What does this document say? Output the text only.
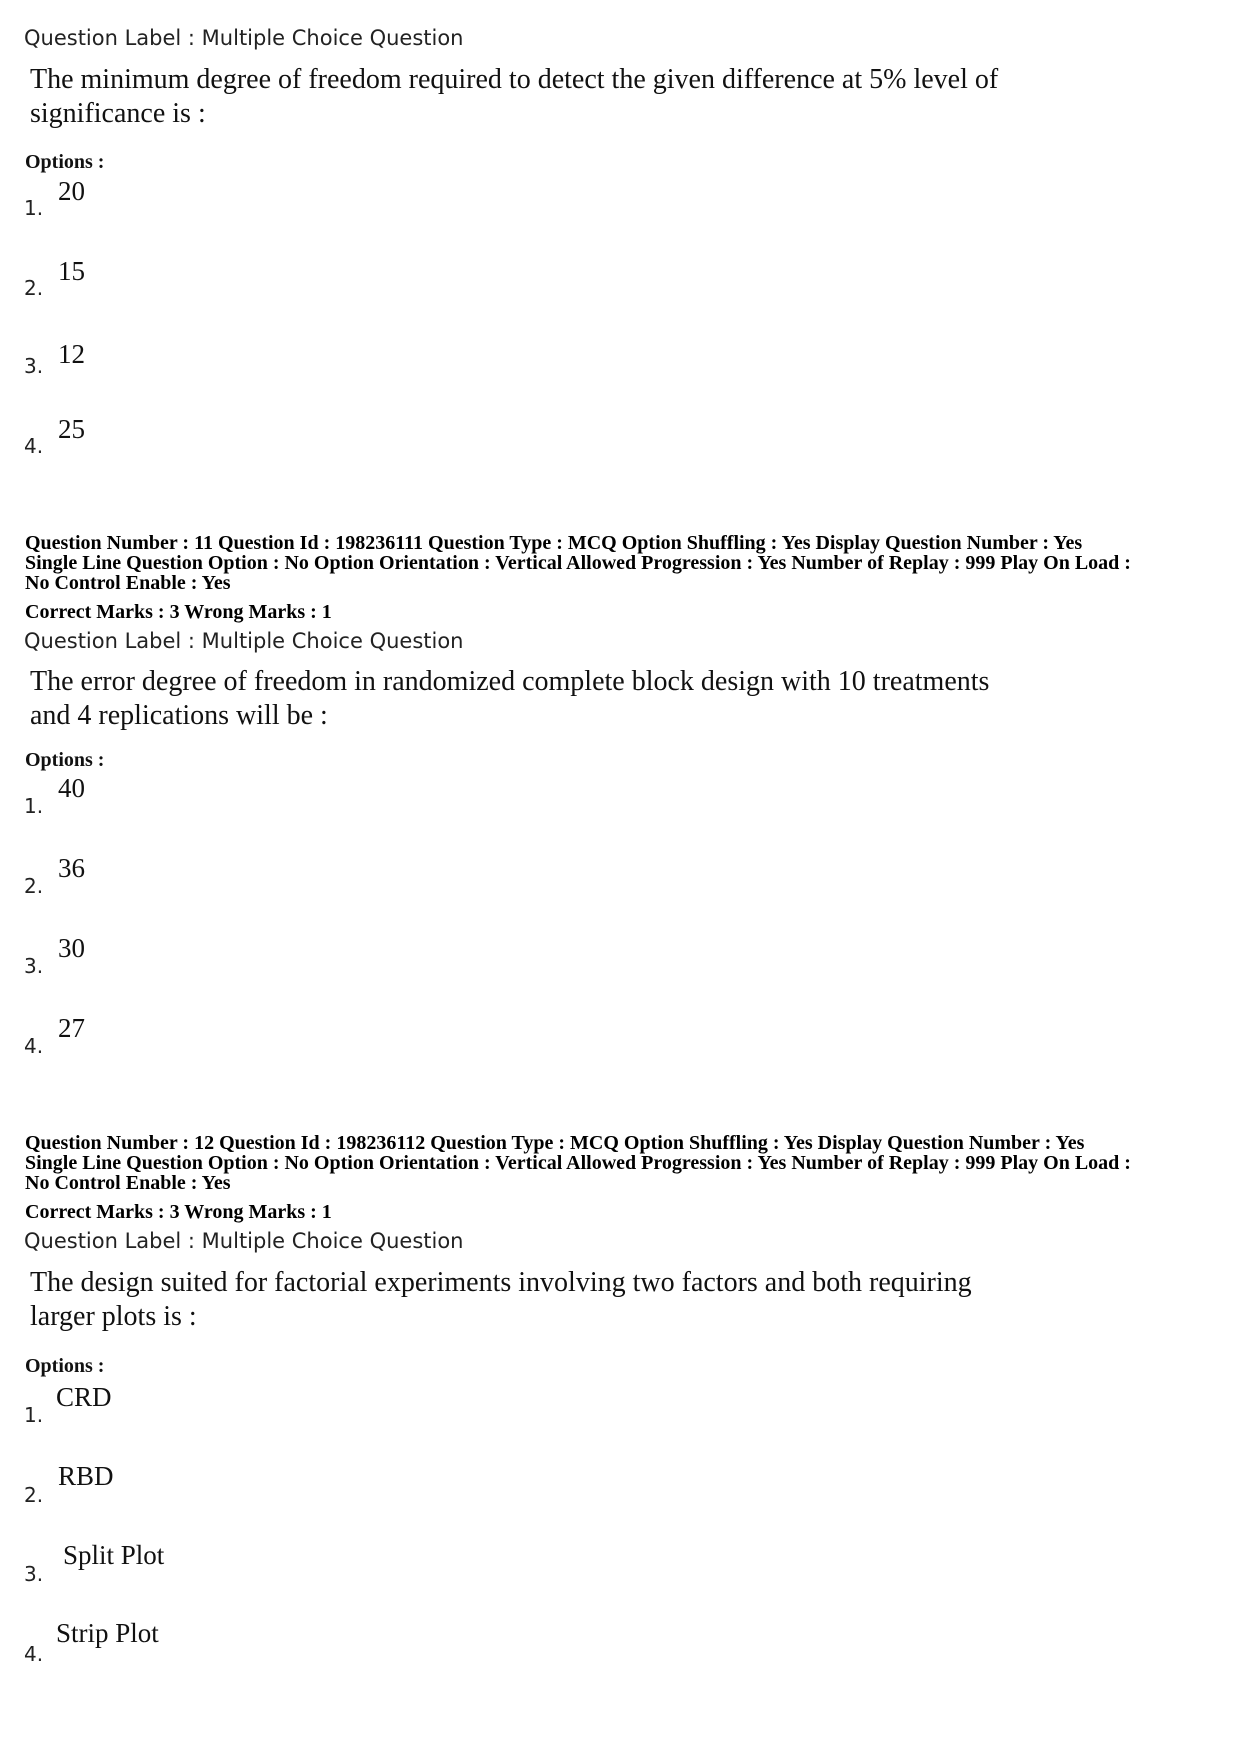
Question Label : Multiple Choice Question
The minimum degree of freedom required to detect the given difference at 5% level of
significance is :
Options :
1.
20
2.
15
3. 12
4.
25
Question Number : 11 Question Id : 198236111 Question Type : MCQ Option Shuffling : Yes Display Question Number : Yes
Single Line Question Option : No Option Orientation : Vertical Allowed Progression : Yes Number of Replay : 999 Play On Load :
No Control Enable : Yes
Correct Marks : 3 Wrong Marks : 1
Question Label : Multiple Choice Question
The error degree of freedom in randomized complete block design with 10 treatments
and 4 replications will be :
Options :
1.
40
2.
36
3.
30
4.
27
Question Number : 12 Question Id : 198236112 Question Type : MCQ Option Shuffling : Yes Display Question Number : Yes
Single Line Question Option : No Option Orientation : Vertical Allowed Progression : Yes Number of Replay : 999 Play On Load :
No Control Enable : Yes
Correct Marks : 3 Wrong Marks : 1
Question Label : Multiple Choice Question
The design suited for factorial experiments involving two factors and both requiring
larger plots is :
Options :
1.
CRD
2.
RBD
3.
Split Plot
4.
Strip Plot
